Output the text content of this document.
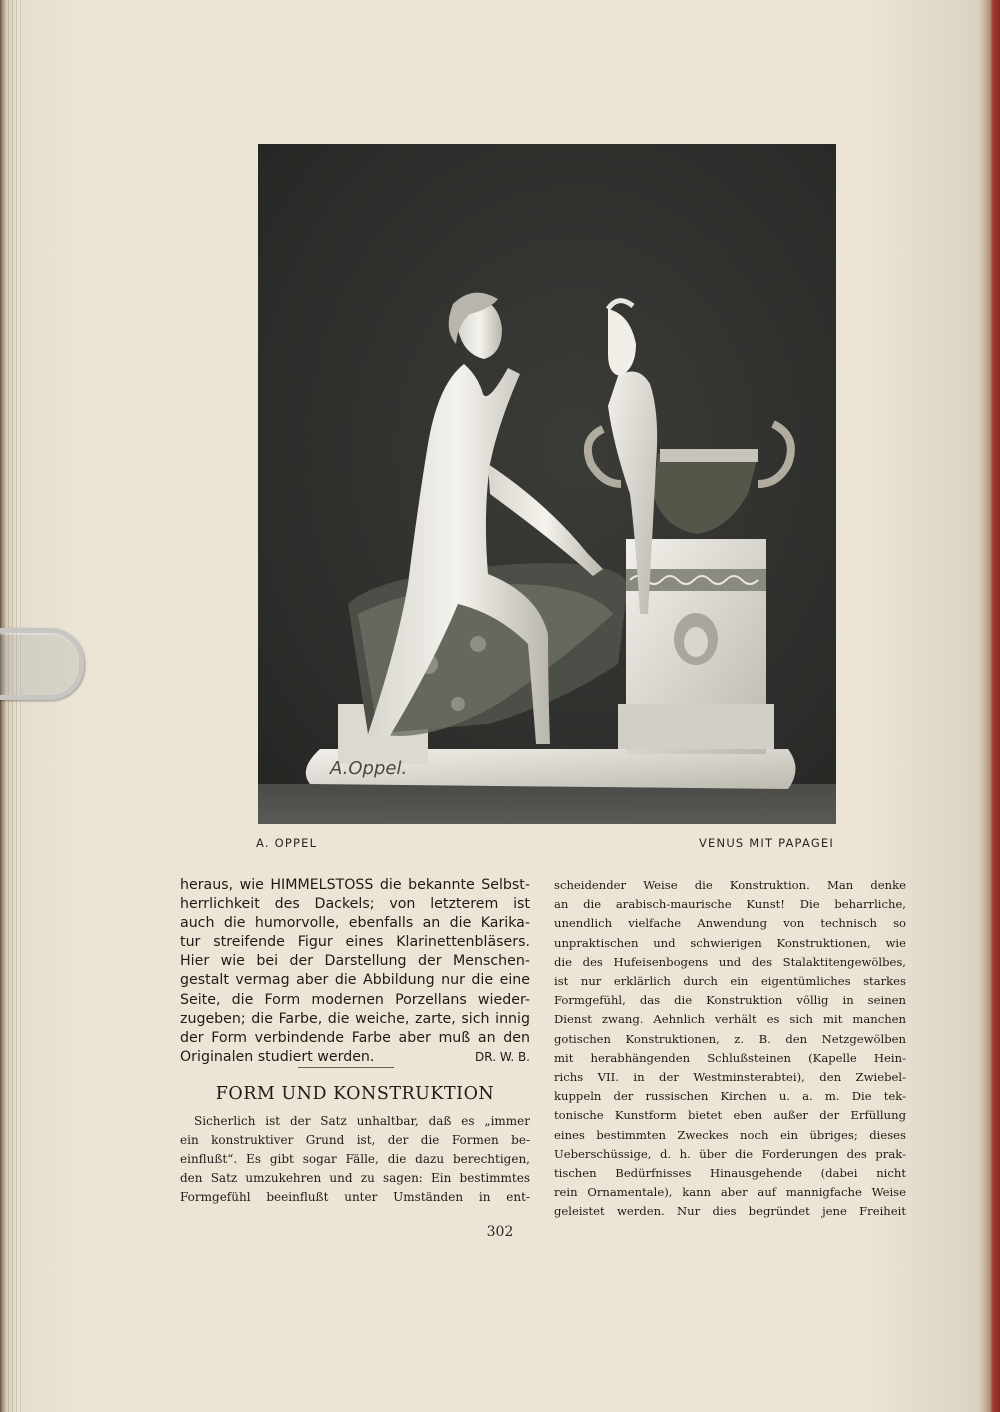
A.Oppel.
A. OPPEL	VENUS MIT PAPAGEI
heraus, wie HIMMELSTOSS die bekannte Selbst-
herrlichkeit des Dackels; von letzterem ist
auch die humorvolle, ebenfalls an die Karika-
tur streifende Figur eines Klarinettenbläsers.
Hier wie bei der Darstellung der Menschen-
gestalt vermag aber die Abbildung nur die eine
Seite, die Form modernen Porzellans wieder-
zugeben; die Farbe, die weiche, zarte, sich innig
der Form verbindende Farbe aber muß an den
Originalen studiert werden.	DR. W. B.
FORM UND KONSTRUKTION
Sicherlich ist der Satz unhaltbar, daß es „immer
ein konstruktiver Grund ist, der die Formen be-
einflußt“. Es gibt sogar Fälle, die dazu berechtigen,
den Satz umzukehren und zu sagen: Ein bestimmtes
Formgefühl beeinflußt unter Umständen in ent-
scheidender Weise die Konstruktion. Man denke
an die arabisch-maurische Kunst! Die beharrliche,
unendlich vielfache Anwendung von technisch so
unpraktischen und schwierigen Konstruktionen, wie
die des Hufeisenbogens und des Stalaktitengewölbes,
ist nur erklärlich durch ein eigentümliches starkes
Formgefühl, das die Konstruktion völlig in seinen
Dienst zwang. Aehnlich verhält es sich mit manchen
gotischen Konstruktionen, z. B. den Netzgewölben
mit herabhängenden Schlußsteinen (Kapelle Hein-
richs VII. in der Westminsterabtei), den Zwiebel-
kuppeln der russischen Kirchen u. a. m. Die tek-
tonische Kunstform bietet eben außer der Erfüllung
eines bestimmten Zweckes noch ein übriges; dieses
Ueberschüssige, d. h. über die Forderungen des prak-
tischen Bedürfnisses Hinausgehende (dabei nicht
rein Ornamentale), kann aber auf mannigfache Weise
geleistet werden. Nur dies begründet jene Freiheit
302
